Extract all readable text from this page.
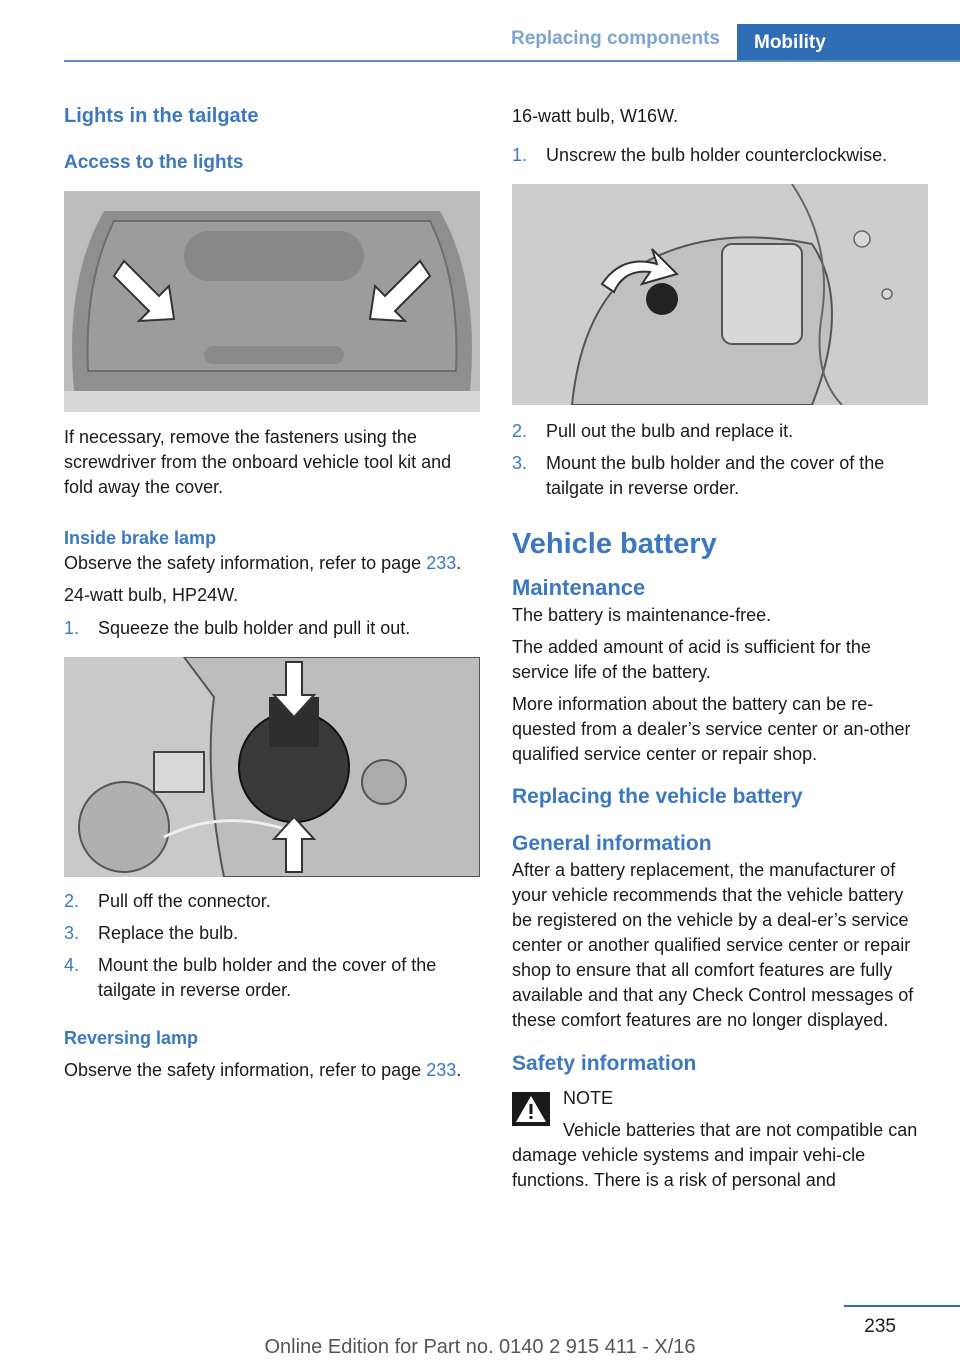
Replacing components	Mobility
Lights in the tailgate
Access to the lights

If necessary, remove the fasteners using the screwdriver from the onboard vehicle tool kit and fold away the cover.

Inside brake lamp

Observe the safety information, refer to page 233.

24-watt bulb, HP24W.

1.	Squeeze the bulb holder and pull it out.
2.	Pull off the connector.
3.	Replace the bulb.
4.	Mount the bulb holder and the cover of the tailgate in reverse order.
Reversing lamp

Observe the safety information, refer to page 233.

16-watt bulb, W16W.

1.	Unscrew the bulb holder counterclockwise.
2.	Pull out the bulb and replace it.
3.	Mount the bulb holder and the cover of the tailgate in reverse order.
Vehicle battery
Maintenance

The battery is maintenance-free.

The added amount of acid is sufficient for the service life of the battery.

More information about the battery can be re‐quested from a dealer’s service center or an‐other qualified service center or repair shop.

Replacing the vehicle battery
General information

After a battery replacement, the manufacturer of your vehicle recommends that the vehicle battery be registered on the vehicle by a deal‐er’s service center or another qualified service center or repair shop to ensure that all comfort features are fully available and that any Check Control messages of these comfort features are no longer displayed.

Safety information

NOTE

Vehicle batteries that are not compatible can damage vehicle systems and impair vehi‐cle functions. There is a risk of personal and

235
Online Edition for Part no. 0140 2 915 411 - X/16
